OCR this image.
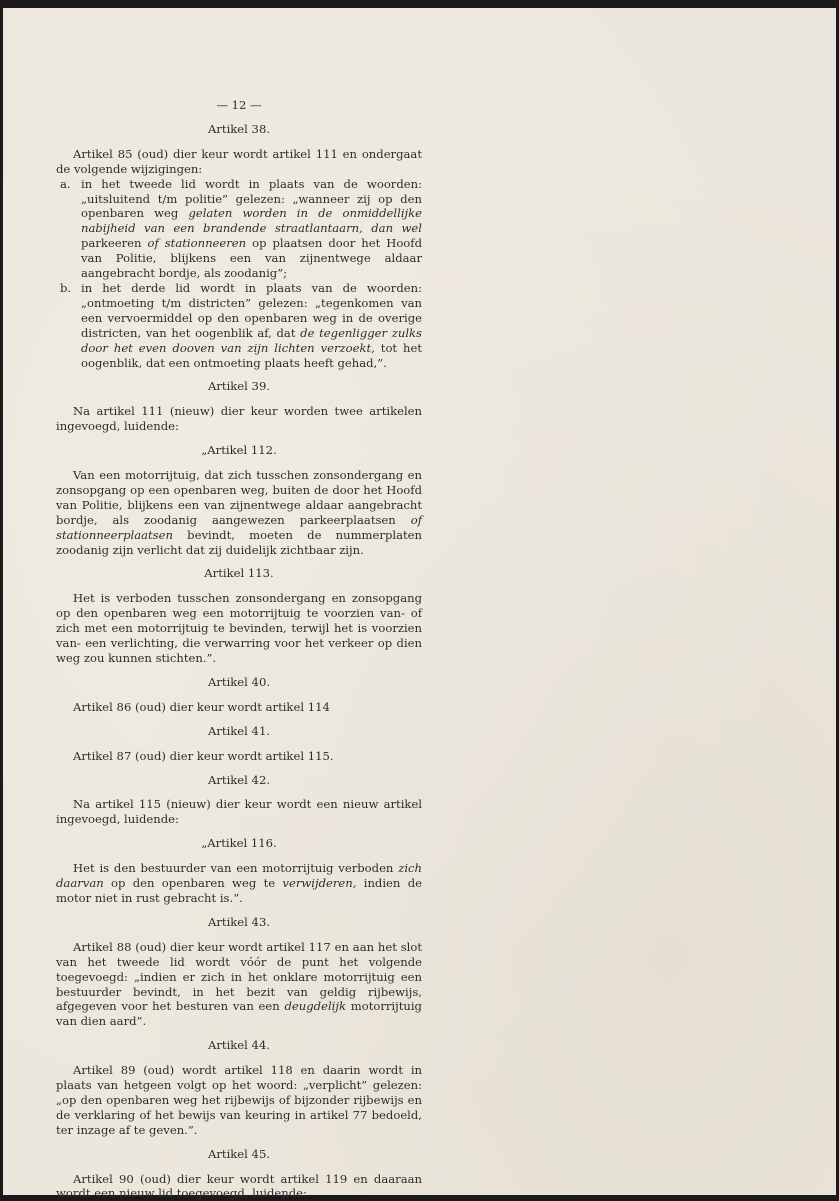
— 12 —

Artikel 38.

Artikel 85 (oud) dier keur wordt artikel 111 en ondergaat de volgende wijzigingen:

a. in het tweede lid wordt in plaats van de woorden: „uitsluitend t/m politie” gelezen: „wanneer zij op den openbaren weg gelaten worden in de onmiddellijke nabijheid van een brandende straatlantaarn, dan wel parkeeren of stationneeren op plaatsen door het Hoofd van Politie, blijkens een van zijnentwege aldaar aangebracht bordje, als zoodanig”;

b. in het derde lid wordt in plaats van de woorden: „ontmoeting t/m districten” gelezen: „tegenkomen van een vervoermiddel op den openbaren weg in de overige districten, van het oogenblik af, dat de tegenligger zulks door het even dooven van zijn lichten verzoekt, tot het oogenblik, dat een ontmoeting plaats heeft gehad,”.

Artikel 39.

Na artikel 111 (nieuw) dier keur worden twee artikelen ingevoegd, luidende:

„Artikel 112.

Van een motorrijtuig, dat zich tusschen zonsondergang en zonsopgang op een openbaren weg, buiten de door het Hoofd van Politie, blijkens een van zijnentwege aldaar aangebracht bordje, als zoodanig aangewezen parkeerplaatsen of stationneerplaatsen bevindt, moeten de nummerplaten zoodanig zijn verlicht dat zij duidelijk zichtbaar zijn.

Artikel 113.

Het is verboden tusschen zonsondergang en zonsopgang op den openbaren weg een motorrijtuig te voorzien van- of zich met een motorrijtuig te bevinden, terwijl het is voorzien van- een verlichting, die verwarring voor het verkeer op dien weg zou kunnen stichten.”.

Artikel 40.

Artikel 86 (oud) dier keur wordt artikel 114

Artikel 41.

Artikel 87 (oud) dier keur wordt artikel 115.

Artikel 42.

Na artikel 115 (nieuw) dier keur wordt een nieuw artikel ingevoegd, luidende:

„Artikel 116.

Het is den bestuurder van een motorrijtuig verboden zich daarvan op den openbaren weg te verwijderen, indien de motor niet in rust gebracht is.”.

Artikel 43.

Artikel 88 (oud) dier keur wordt artikel 117 en aan het slot van het tweede lid wordt vóór de punt het volgende toegevoegd: „indien er zich in het onklare motorrijtuig een bestuurder bevindt, in het bezit van geldig rijbewijs, afgegeven voor het besturen van een deugdelijk motorrijtuig van dien aard”.

Artikel 44.

Artikel 89 (oud) wordt artikel 118 en daarin wordt in plaats van hetgeen volgt op het woord: „verplicht” gelezen: „op den openbaren weg het rijbewijs of bijzonder rijbewijs en de verklaring of het bewijs van keuring in artikel 77 bedoeld, ter inzage af te geven.”.

Artikel 45.

Artikel 90 (oud) dier keur wordt artikel 119 en daaraan wordt een nieuw lid toegevoegd, luidende:
